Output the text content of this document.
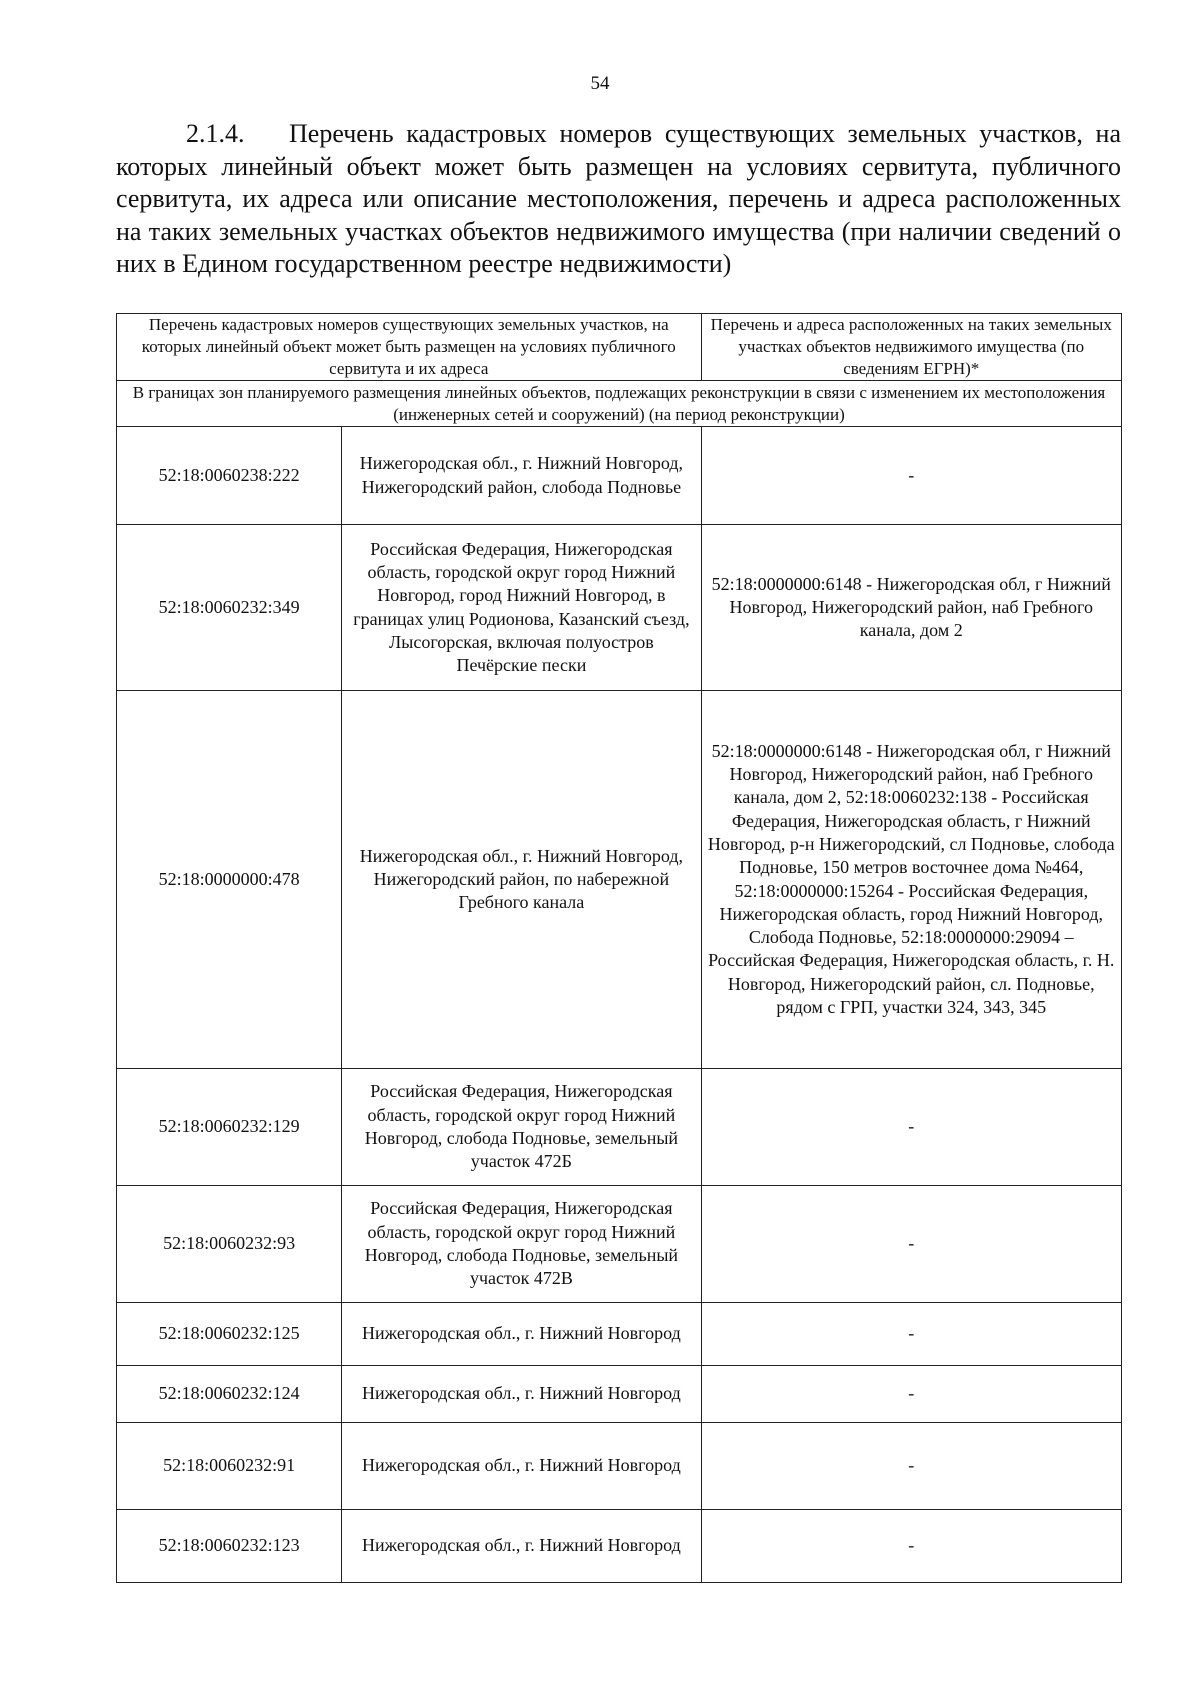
54
2.1.4. Перечень кадастровых номеров существующих земельных участков, на которых линейный объект может быть размещен на условиях сервитута, публичного сервитута, их адреса или описание местоположения, перечень и адреса расположенных на таких земельных участках объектов недвижимого имущества (при наличии сведений о них в Едином государственном реестре недвижимости)
Перечень кадастровых номеров существующих земельных участков, на которых линейный объект может быть размещен на условиях публичного сервитута и их адреса		Перечень и адреса расположенных на таких земельных участках объектов недвижимого имущества (по сведениям ЕГРН)*
В границах зон планируемого размещения линейных объектов, подлежащих реконструкции в связи с изменением их местоположения (инженерных сетей и сооружений) (на период реконструкции)		
52:18:0060238:222	Нижегородская обл., г. Нижний Новгород, Нижегородский район, слобода Подновье	-
52:18:0060232:349	Российская Федерация, Нижегородская область, городской округ город Нижний Новгород, город Нижний Новгород, в границах улиц Родионова, Казанский съезд, Лысогорская, включая полуостров Печёрские пески	52:18:0000000:6148 - Нижегородская обл, г Нижний Новгород, Нижегородский район, наб Гребного канала, дом 2
52:18:0000000:478	Нижегородская обл., г. Нижний Новгород, Нижегородский район, по набережной Гребного канала	52:18:0000000:6148 - Нижегородская обл, г Нижний Новгород, Нижегородский район, наб Гребного канала, дом 2, 52:18:0060232:138 - Российская Федерация, Нижегородская область, г Нижний Новгород, р-н Нижегородский, сл Подновье, слобода Подновье, 150 метров восточнее дома №464, 52:18:0000000:15264 - Российская Федерация, Нижегородская область, город Нижний Новгород, Слобода Подновье, 52:18:0000000:29094 – Российская Федерация, Нижегородская область, г. Н. Новгород, Нижегородский район, сл. Подновье, рядом с ГРП, участки 324, 343, 345
52:18:0060232:129	Российская Федерация, Нижегородская область, городской округ город Нижний Новгород, слобода Подновье, земельный участок 472Б	-
52:18:0060232:93	Российская Федерация, Нижегородская область, городской округ город Нижний Новгород, слобода Подновье, земельный участок 472В	-
52:18:0060232:125	Нижегородская обл., г. Нижний Новгород	-
52:18:0060232:124	Нижегородская обл., г. Нижний Новгород	-
52:18:0060232:91	Нижегородская обл., г. Нижний Новгород	-
52:18:0060232:123	Нижегородская обл., г. Нижний Новгород	-
